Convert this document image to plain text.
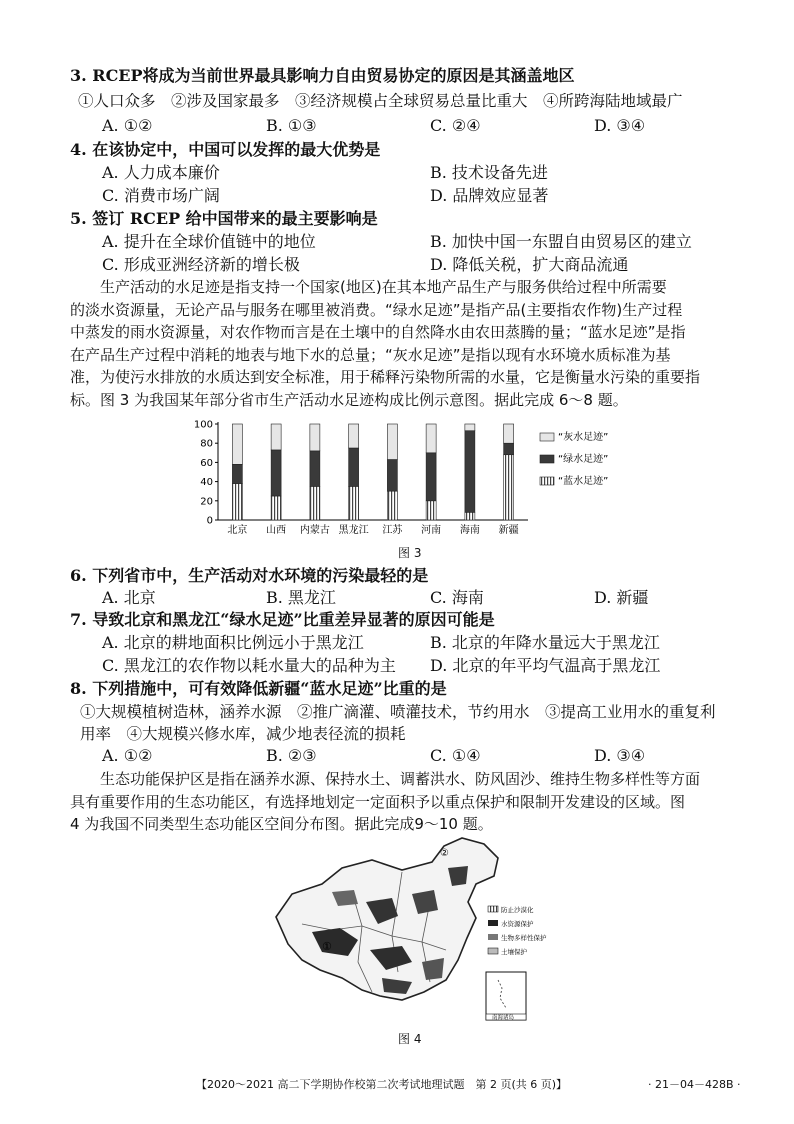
3. RCEP将成为当前世界最具影响力自由贸易协定的原因是其涵盖地区
①人口众多　②涉及国家最多　③经济规模占全球贸易总量比重大　④所跨海陆地域最广
A. ①②	B. ①③	C. ②④	D. ③④
4. 在该协定中，中国可以发挥的最大优势是
A. 人力成本廉价	B. 技术设备先进
C. 消费市场广阔	D. 品牌效应显著
5. 签订 RCEP 给中国带来的最主要影响是
A. 提升在全球价值链中的地位	B. 加快中国一东盟自由贸易区的建立
C. 形成亚洲经济新的增长极	D. 降低关税，扩大商品流通
　　生产活动的水足迹是指支持一个国家(地区)在其本地产品生产与服务供给过程中所需要
的淡水资源量，无论产品与服务在哪里被消费。“绿水足迹”是指产品(主要指农作物)生产过程
中蒸发的雨水资源量，对农作物而言是在土壤中的自然降水由农田蒸腾的量；“蓝水足迹”是指
在产品生产过程中消耗的地表与地下水的总量；“灰水足迹”是指以现有水环境水质标准为基
准，为使污水排放的水质达到安全标准，用于稀释污染物所需的水量，它是衡量水污染的重要指
标。图 3 为我国某年部分省市生产活动水足迹构成比例示意图。据此完成 6～8 题。
0
20
40
60
80
100
北京 山西 内蒙古 黑龙江 江苏 河南 海南 新疆
“灰水足迹”
“绿水足迹”
“蓝水足迹”
图 3
6. 下列省市中，生产活动对水环境的污染最轻的是
A. 北京	B. 黑龙江	C. 海南	D. 新疆
7. 导致北京和黑龙江“绿水足迹”比重差异显著的原因可能是
A. 北京的耕地面积比例远小于黑龙江	B. 北京的年降水量远大于黑龙江
C. 黑龙江的农作物以耗水量大的品种为主 D. 北京的年平均气温高于黑龙江
8. 下列措施中，可有效降低新疆“蓝水足迹”比重的是
①大规模植树造林，涵养水源　②推广滴灌、喷灌技术，节约用水　③提高工业用水的重复利
用率　④大规模兴修水库，减少地表径流的损耗
A. ①②	B. ②③	C. ①④	D. ③④
　　生态功能保护区是指在涵养水源、保持水土、调蓄洪水、防风固沙、维持生物多样性等方面
具有重要作用的生态功能区，有选择地划定一定面积予以重点保护和限制开发建设的区域。图
4 为我国不同类型生态功能区空间分布图。据此完成9～10 题。
①
②
防止沙漠化
水资源保护
生物多样性保护
土壤保护
南海诸岛
图 4
【2020～2021 高二下学期协作校第二次考试地理试题　第 2 页(共 6 页)】	· 21－04－428B ·
